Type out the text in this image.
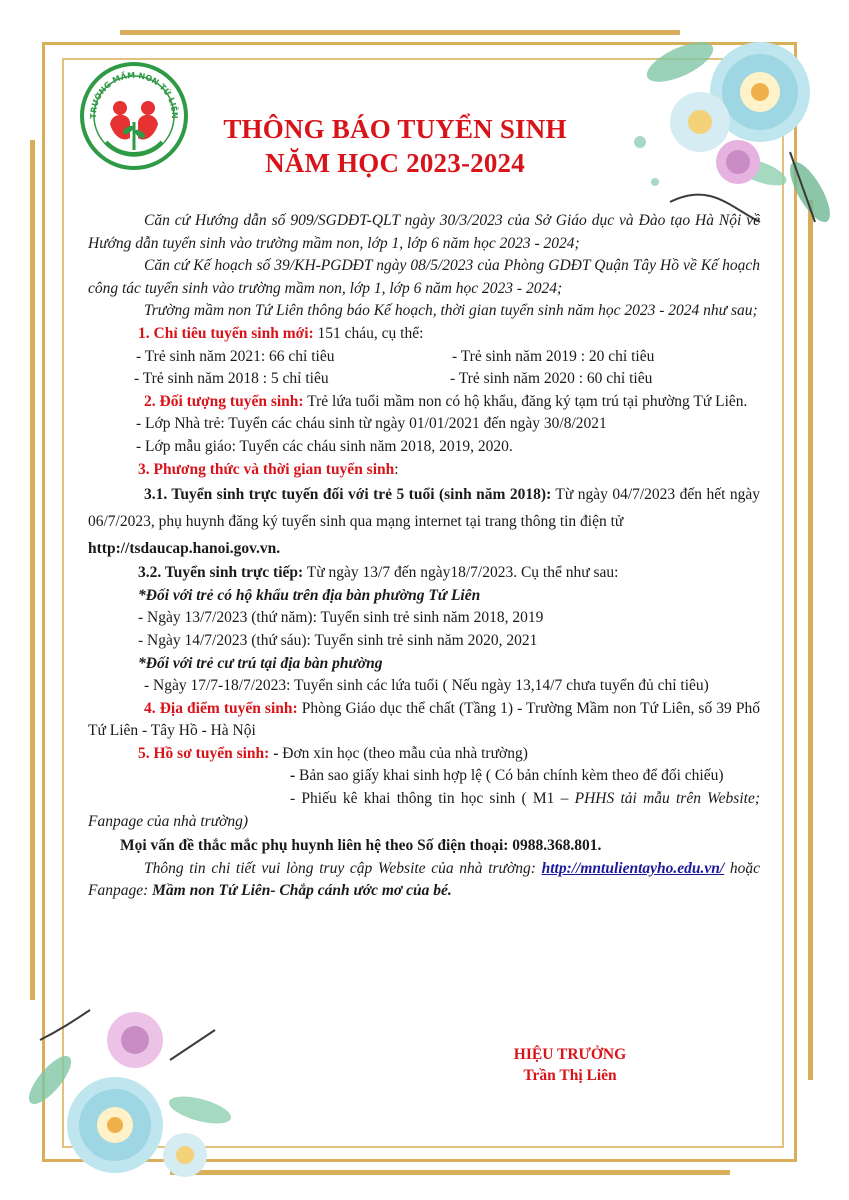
TRƯỜNG MẦM NON TỨ LIÊN	THÔNG BÁO TUYỂN SINH
NĂM HỌC 2023-2024

Căn cứ Hướng dẫn số 909/SGDĐT-QLT ngày 30/3/2023 của Sở Giáo dục và Đào tạo Hà Nội về Hướng dẫn tuyển sinh vào trường mầm non, lớp 1, lớp 6 năm học 2023 - 2024;

Căn cứ Kế hoạch số 39/KH-PGDĐT ngày 08/5/2023 của Phòng GDĐT Quận Tây Hồ về Kế hoạch công tác tuyển sinh vào trường mầm non, lớp 1, lớp 6 năm học 2023 - 2024;

Trường mầm non Tứ Liên thông báo Kế hoạch, thời gian tuyển sinh năm học 2023 - 2024 như sau;

1. Chỉ tiêu tuyển sinh mới: 151 cháu, cụ thể:

- Trẻ sinh năm 2021: 66 chỉ tiêu	- Trẻ sinh năm 2019 : 20 chỉ tiêu
- Trẻ sinh năm 2018 : 5 chỉ tiêu	- Trẻ sinh năm 2020 : 60 chỉ tiêu

2. Đối tượng tuyển sinh: Trẻ lứa tuổi mầm non có hộ khẩu, đăng ký tạm trú tại phường Tứ Liên.

- Lớp Nhà trẻ: Tuyển các cháu sinh từ ngày 01/01/2021 đến ngày 30/8/2021

- Lớp mẫu giáo: Tuyển các cháu sinh năm 2018, 2019, 2020.

3. Phương thức và thời gian tuyển sinh:

3.1. Tuyển sinh trực tuyến đối với trẻ 5 tuổi (sinh năm 2018): Từ ngày 04/7/2023 đến hết ngày 06/7/2023, phụ huynh đăng ký tuyển sinh qua mạng internet tại trang thông tin điện tử

http://tsdaucap.hanoi.gov.vn.

3.2. Tuyển sinh trực tiếp: Từ ngày 13/7 đến ngày18/7/2023. Cụ thể như sau:

*Đối với trẻ có hộ khẩu trên địa bàn phường Tứ Liên

- Ngày 13/7/2023 (thứ năm): Tuyển sinh trẻ sinh năm 2018, 2019

- Ngày 14/7/2023 (thứ sáu): Tuyển sinh trẻ sinh năm 2020, 2021

*Đối với trẻ cư trú tại địa bàn phường

- Ngày 17/7-18/7/2023: Tuyển sinh các lứa tuổi ( Nếu ngày 13,14/7 chưa tuyển đủ chỉ tiêu)

4. Địa điểm tuyển sinh: Phòng Giáo dục thể chất (Tầng 1) - Trường Mầm non Tứ Liên, số 39 Phố Tứ Liên - Tây Hồ - Hà Nội

5. Hồ sơ tuyển sinh: - Đơn xin học (theo mẫu của nhà trường)

- Bản sao giấy khai sinh hợp lệ ( Có bản chính kèm theo để đối chiếu)

- Phiếu kê khai thông tin học sinh ( M1 – PHHS tải mẫu trên Website; Fanpage của nhà trường)

Mọi vấn đề thắc mắc phụ huynh liên hệ theo Số điện thoại: 0988.368.801.

Thông tin chi tiết vui lòng truy cập Website của nhà trường: http://mntulientayho.edu.vn/ hoặc Fanpage: Mầm non Tứ Liên- Chắp cánh ước mơ của bé.

HIỆU TRƯỞNG
Trần Thị Liên
